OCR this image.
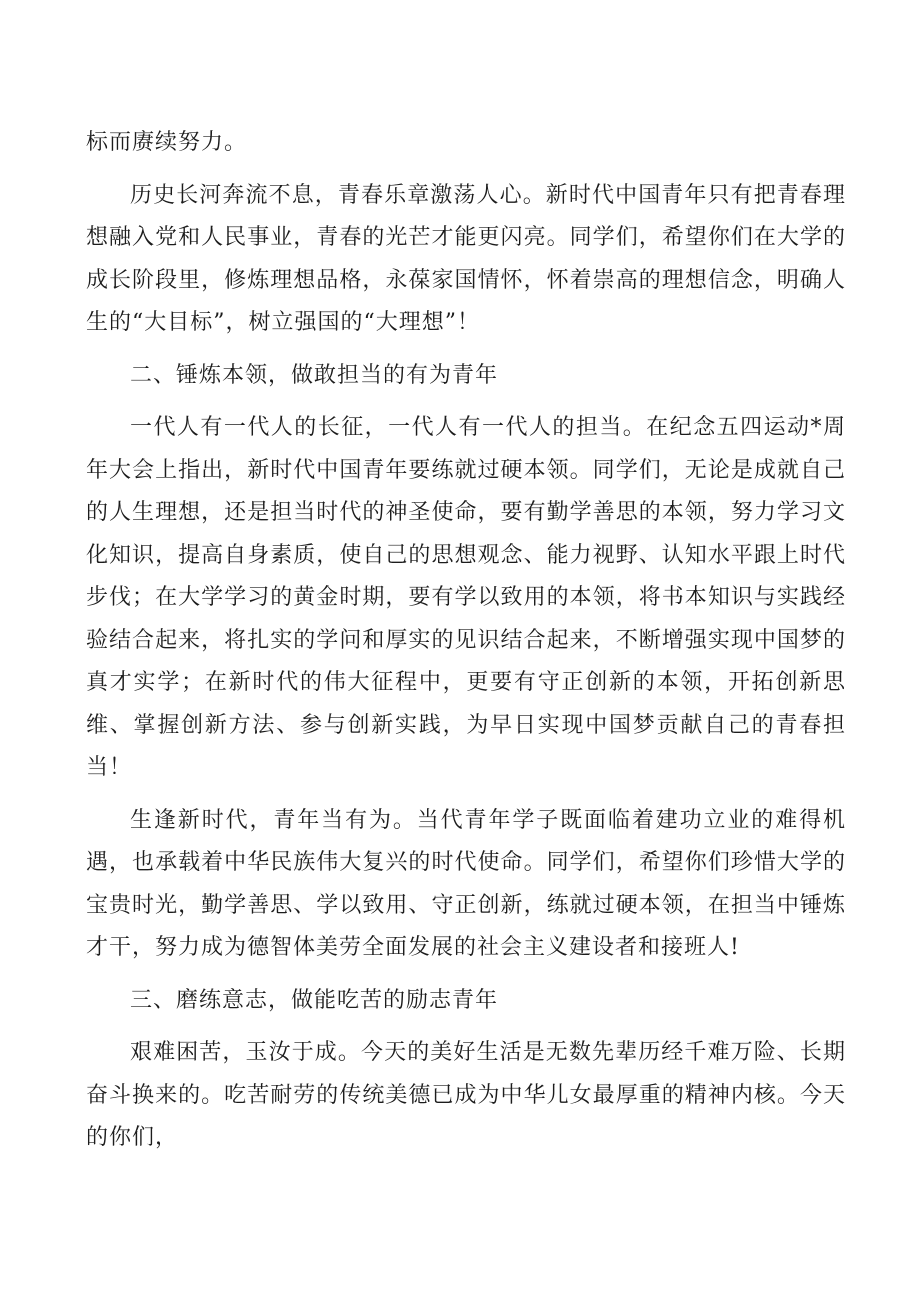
标而赓续努力。

历史长河奔流不息，青春乐章激荡人心。新时代中国青年只有把青春理想融入党和人民事业，青春的光芒才能更闪亮。同学们，希望你们在大学的成长阶段里，修炼理想品格，永葆家国情怀，怀着崇高的理想信念，明确人生的“大目标”，树立强国的“大理想”！

二、锤炼本领，做敢担当的有为青年

一代人有一代人的长征，一代人有一代人的担当。在纪念五四运动*周年大会上指出，新时代中国青年要练就过硬本领。同学们，无论是成就自己的人生理想，还是担当时代的神圣使命，要有勤学善思的本领，努力学习文化知识，提高自身素质，使自己的思想观念、能力视野、认知水平跟上时代步伐；在大学学习的黄金时期，要有学以致用的本领，将书本知识与实践经验结合起来，将扎实的学问和厚实的见识结合起来，不断增强实现中国梦的真才实学；在新时代的伟大征程中，更要有守正创新的本领，开拓创新思维、掌握创新方法、参与创新实践，为早日实现中国梦贡献自己的青春担当！

生逢新时代，青年当有为。当代青年学子既面临着建功立业的难得机遇，也承载着中华民族伟大复兴的时代使命。同学们，希望你们珍惜大学的宝贵时光，勤学善思、学以致用、守正创新，练就过硬本领，在担当中锤炼才干，努力成为德智体美劳全面发展的社会主义建设者和接班人!

三、磨练意志，做能吃苦的励志青年

艰难困苦，玉汝于成。今天的美好生活是无数先辈历经千难万险、长期奋斗换来的。吃苦耐劳的传统美德已成为中华儿女最厚重的精神内核。今天的你们，
